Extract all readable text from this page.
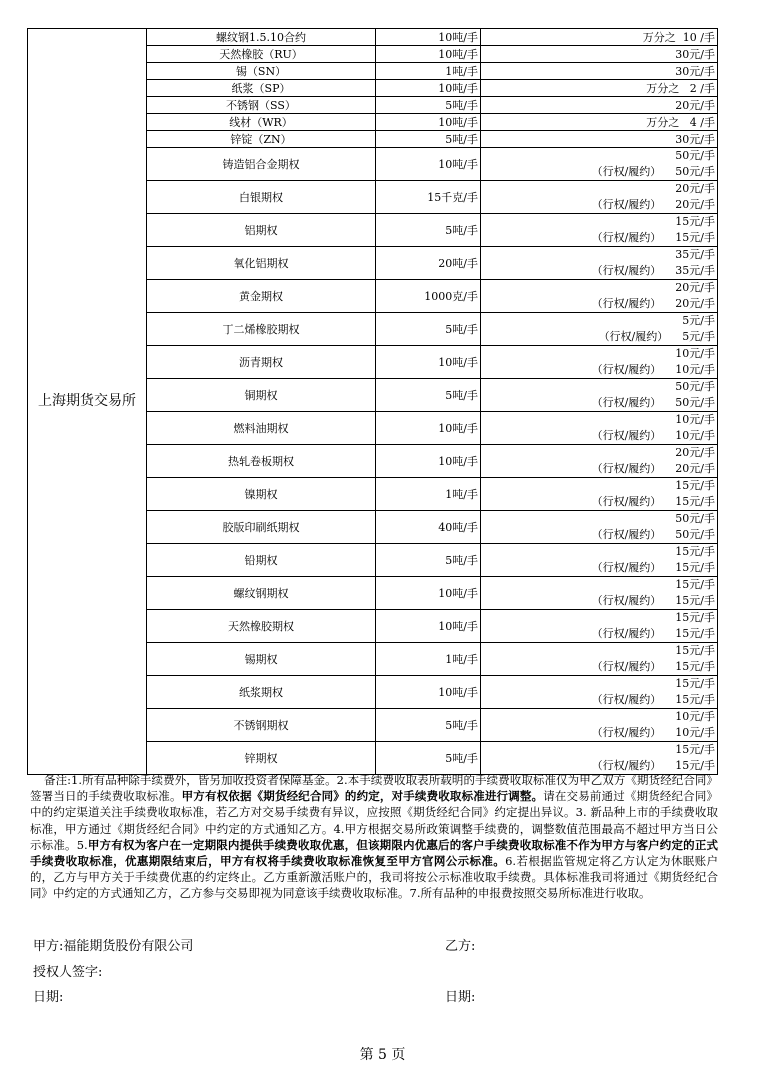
上海期货交易所	螺纹钢1.5.10合约	10吨/手	万分之  10 /手
	天然橡胶（RU）	10吨/手	30元/手
	锡（SN）	1吨/手	30元/手
	纸浆（SP）	10吨/手	万分之   2 /手
	不锈钢（SS）	5吨/手	20元/手
	线材（WR）	10吨/手	万分之   4 /手
	锌锭（ZN）	5吨/手	30元/手
	铸造铝合金期权	10吨/手	50元/手
（行权/履约） 50元/手

	白银期权	15千克/手	20元/手
（行权/履约） 20元/手

	铝期权	5吨/手	15元/手
（行权/履约） 15元/手

	氧化铝期权	20吨/手	35元/手
（行权/履约） 35元/手

	黄金期权	1000克/手	20元/手
（行权/履约） 20元/手

	丁二烯橡胶期权	5吨/手	5元/手
（行权/履约） 5元/手

	沥青期权	10吨/手	10元/手
（行权/履约） 10元/手

	铜期权	5吨/手	50元/手
（行权/履约） 50元/手

	燃料油期权	10吨/手	10元/手
（行权/履约） 10元/手

	热轧卷板期权	10吨/手	20元/手
（行权/履约） 20元/手

	镍期权	1吨/手	15元/手
（行权/履约） 15元/手

	胶版印刷纸期权	40吨/手	50元/手
（行权/履约） 50元/手

	铅期权	5吨/手	15元/手
（行权/履约） 15元/手

	螺纹钢期权	10吨/手	15元/手
（行权/履约） 15元/手

	天然橡胶期权	10吨/手	15元/手
（行权/履约） 15元/手

	锡期权	1吨/手	15元/手
（行权/履约） 15元/手

	纸浆期权	10吨/手	15元/手
（行权/履约） 15元/手

	不锈钢期权	5吨/手	10元/手
（行权/履约） 10元/手

	锌期权	5吨/手	15元/手
（行权/履约） 15元/手
备注:1.所有品种除手续费外，皆另加收投资者保障基金。2.本手续费收取表所载明的手续费收取标准仅为甲乙双方《期货经纪合同》签署当日的手续费收取标准。甲方有权依据《期货经纪合同》的约定，对手续费收取标准进行调整。请在交易前通过《期货经纪合同》中的约定渠道关注手续费收取标准，若乙方对交易手续费有异议，应按照《期货经纪合同》约定提出异议。3. 新品种上市的手续费收取标准，甲方通过《期货经纪合同》中约定的方式通知乙方。4.甲方根据交易所政策调整手续费的，调整数值范围最高不超过甲方当日公示标准。5.甲方有权为客户在一定期限内提供手续费收取优惠，但该期限内优惠后的客户手续费收取标准不作为甲方与客户约定的正式手续费收取标准，优惠期限结束后，甲方有权将手续费收取标准恢复至甲方官网公示标准。6.若根据监管规定将乙方认定为休眠账户的，乙方与甲方关于手续费优惠的约定终止。乙方重新激活账户的，我司将按公示标准收取手续费。具体标准我司将通过《期货经纪合同》中约定的方式通知乙方，乙方参与交易即视为同意该手续费收取标准。7.所有品种的申报费按照交易所标准进行收取。
甲方:福能期货股份有限公司	乙方:
授权人签字:
日期:	日期:
第 5 页
